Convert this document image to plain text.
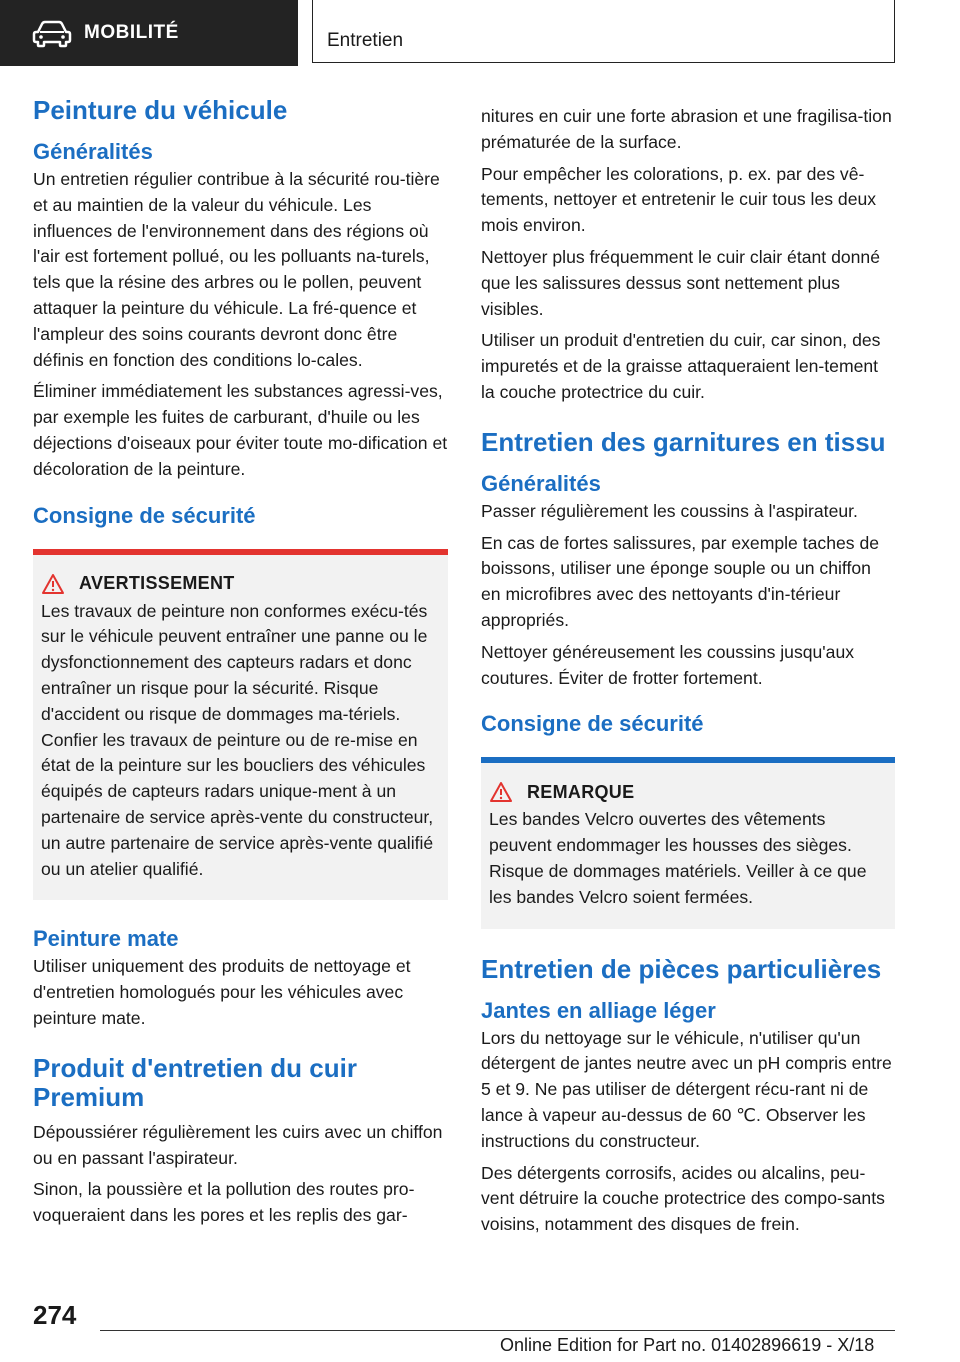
MOBILITÉ	Entretien
Peinture du véhicule
Généralités

Un entretien régulier contribue à la sécurité rou-tière et au maintien de la valeur du véhicule. Les influences de l'environnement dans des régions où l'air est fortement pollué, ou les polluants na-turels, tels que la résine des arbres ou le pollen, peuvent attaquer la peinture du véhicule. La fré-quence et l'ampleur des soins courants devront donc être définis en fonction des conditions lo-cales.

Éliminer immédiatement les substances agressi-ves, par exemple les fuites de carburant, d'huile ou les déjections d'oiseaux pour éviter toute mo-dification et décoloration de la peinture.

Consigne de sécurité
AVERTISSEMENT

Les travaux de peinture non conformes exécu-tés sur le véhicule peuvent entraîner une panne ou le dysfonctionnement des capteurs radars et donc entraîner un risque pour la sécurité. Risque d'accident ou risque de dommages ma-tériels. Confier les travaux de peinture ou de re-mise en état de la peinture sur les boucliers des véhicules équipés de capteurs radars unique-ment à un partenaire de service après-vente du constructeur, un autre partenaire de service après-vente qualifié ou un atelier qualifié.

Peinture mate

Utiliser uniquement des produits de nettoyage et d'entretien homologués pour les véhicules avec peinture mate.

Produit d'entretien du cuir Premium

Dépoussiérer régulièrement les cuirs avec un chiffon ou en passant l'aspirateur.

Sinon, la poussière et la pollution des routes pro-voqueraient dans les pores et les replis des gar-

nitures en cuir une forte abrasion et une fragilisa-tion prématurée de la surface.

Pour empêcher les colorations, p. ex. par des vê-tements, nettoyer et entretenir le cuir tous les deux mois environ.

Nettoyer plus fréquemment le cuir clair étant donné que les salissures dessus sont nettement plus visibles.

Utiliser un produit d'entretien du cuir, car sinon, des impuretés et de la graisse attaqueraient len-tement la couche protectrice du cuir.

Entretien des garnitures en tissu
Généralités

Passer régulièrement les coussins à l'aspirateur.

En cas de fortes salissures, par exemple taches de boissons, utiliser une éponge souple ou un chiffon en microfibres avec des nettoyants d'in-térieur appropriés.

Nettoyer généreusement les coussins jusqu'aux coutures. Éviter de frotter fortement.

Consigne de sécurité
REMARQUE

Les bandes Velcro ouvertes des vêtements peuvent endommager les housses des sièges. Risque de dommages matériels. Veiller à ce que les bandes Velcro soient fermées.

Entretien de pièces particulières
Jantes en alliage léger

Lors du nettoyage sur le véhicule, n'utiliser qu'un détergent de jantes neutre avec un pH compris entre 5 et 9. Ne pas utiliser de détergent récu-rant ni de lance à vapeur au-dessus de 60 ℃. Observer les instructions du constructeur.

Des détergents corrosifs, acides ou alcalins, peu-vent détruire la couche protectrice des compo-sants voisins, notamment des disques de frein.

274
Online Edition for Part no. 01402896619 - X/18
